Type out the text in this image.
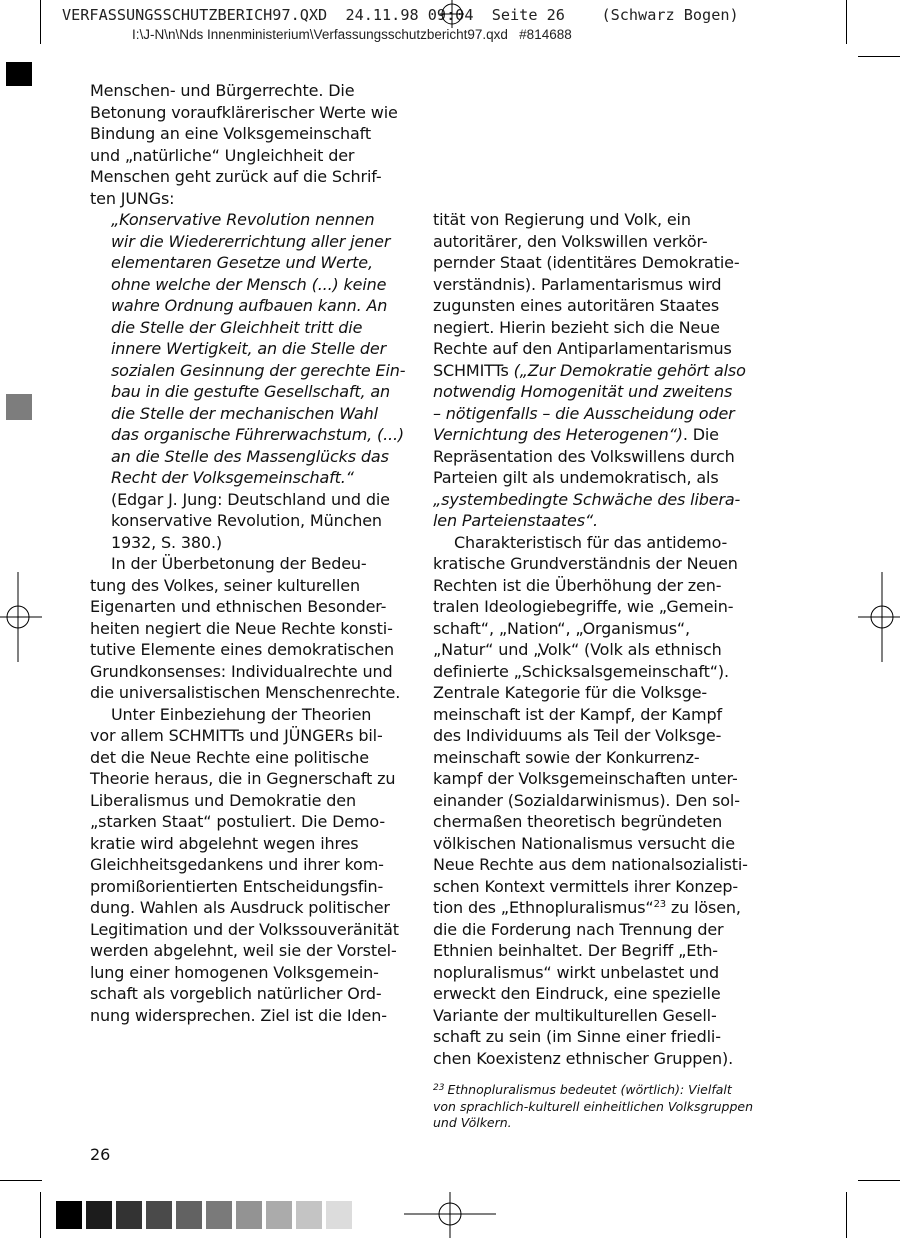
VERFASSUNGSSCHUTZBERICH97.QXD  24.11.98 09:04  Seite 26    (Schwarz Bogen)
I:\J-N\n\Nds Innenministerium\Verfassungsschutzbericht97.qxd   #814688

Menschen- und Bürgerrechte. Die

Betonung voraufklärerischer Werte wie

Bindung an eine Volksgemeinschaft

und „natürliche“ Ungleichheit der

Menschen geht zurück auf die Schrif-

ten JUNGs:

„Konservative Revolution nennen

wir die Wiedererrichtung aller jener

elementaren Gesetze und Werte,

ohne welche der Mensch (...) keine

wahre Ordnung aufbauen kann. An

die Stelle der Gleichheit tritt die

innere Wertigkeit, an die Stelle der

sozialen Gesinnung der gerechte Ein-

bau in die gestufte Gesellschaft, an

die Stelle der mechanischen Wahl

das organische Führerwachstum, (...)

an die Stelle des Massenglücks das

Recht der Volksgemeinschaft.“

(Edgar J. Jung: Deutschland und die

konservative Revolution, München

1932, S. 380.)

In der Überbetonung der Bedeu-

tung des Volkes, seiner kulturellen

Eigenarten und ethnischen Besonder-

heiten negiert die Neue Rechte konsti-

tutive Elemente eines demokratischen

Grundkonsenses: Individualrechte und

die universalistischen Menschenrechte.

Unter Einbeziehung der Theorien

vor allem SCHMITTs und JÜNGERs bil-

det die Neue Rechte eine politische

Theorie heraus, die in Gegnerschaft zu

Liberalismus und Demokratie den

„starken Staat“ postuliert. Die Demo-

kratie wird abgelehnt wegen ihres

Gleichheitsgedankens und ihrer kom-

promißorientierten Entscheidungsfin-

dung. Wahlen als Ausdruck politischer

Legitimation und der Volkssouveränität

werden abgelehnt, weil sie der Vorstel-

lung einer homogenen Volksgemein-

schaft als vorgeblich natürlicher Ord-

nung widersprechen. Ziel ist die Iden-

tität von Regierung und Volk, ein

autoritärer, den Volkswillen verkör-

pernder Staat (identitäres Demokratie-

verständnis). Parlamentarismus wird

zugunsten eines autoritären Staates

negiert. Hierin bezieht sich die Neue

Rechte auf den Antiparlamentarismus

SCHMITTs („Zur Demokratie gehört also

notwendig Homogenität und zweitens

– nötigenfalls – die Ausscheidung oder

Vernichtung des Heterogenen“). Die

Repräsentation des Volkswillens durch

Parteien gilt als undemokratisch, als

„systembedingte Schwäche des libera-

len Parteienstaates“.

Charakteristisch für das antidemo-

kratische Grundverständnis der Neuen

Rechten ist die Überhöhung der zen-

tralen Ideologiebegriffe, wie „Gemein-

schaft“, „Nation“, „Organismus“,

„Natur“ und „Volk“ (Volk als ethnisch

definierte „Schicksalsgemeinschaft“).

Zentrale Kategorie für die Volksge-

meinschaft ist der Kampf, der Kampf

des Individuums als Teil der Volksge-

meinschaft sowie der Konkurrenz-

kampf der Volksgemeinschaften unter-

einander (Sozialdarwinismus). Den sol-

chermaßen theoretisch begründeten

völkischen Nationalismus versucht die

Neue Rechte aus dem nationalsozialisti-

schen Kontext vermittels ihrer Konzep-

tion des „Ethnopluralismus“$^{23}$ zu lösen,

die die Forderung nach Trennung der

Ethnien beinhaltet. Der Begriff „Eth-

nopluralismus“ wirkt unbelastet und

erweckt den Eindruck, eine spezielle

Variante der multikulturellen Gesell-

schaft zu sein (im Sinne einer friedli-

chen Koexistenz ethnischer Gruppen).

$^{23}$ Ethnopluralismus bedeutet (wörtlich): Vielfalt

von sprachlich-kulturell einheitlichen Volksgruppen

und Völkern.

26
